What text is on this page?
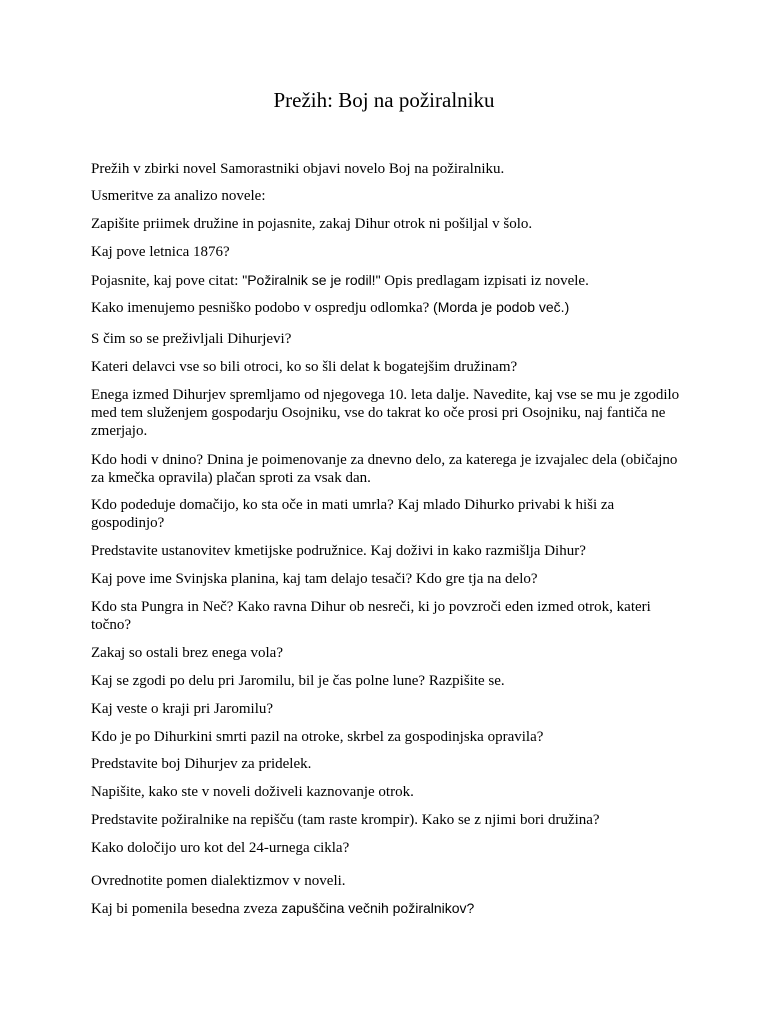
Prežih: Boj na požiralniku

Prežih v zbirki novel Samorastniki objavi novelo Boj na požiralniku.

Usmeritve za analizo novele:

Zapišite priimek družine in pojasnite, zakaj Dihur otrok ni pošiljal v šolo.

Kaj pove letnica 1876?

Pojasnite, kaj pove citat: "Požiralnik se je rodil!" Opis predlagam izpisati iz novele.

Kako imenujemo pesniško podobo v ospredju odlomka? (Morda je podob več.)

S čim so se preživljali Dihurjevi?

Kateri delavci vse so bili otroci, ko so šli delat k bogatejšim družinam?

Enega izmed Dihurjev spremljamo od njegovega 10. leta dalje. Navedite, kaj vse se mu je zgodilo med tem služenjem gospodarju Osojniku, vse do takrat ko oče prosi pri Osojniku, naj fantiča ne zmerjajo.

Kdo hodi v dnino? Dnina je poimenovanje za dnevno delo, za katerega je izvajalec dela (običajno za kmečka opravila) plačan sproti za vsak dan.

Kdo podeduje domačijo, ko sta oče in mati umrla? Kaj mlado Dihurko privabi k hiši za gospodinjo?

Predstavite ustanovitev kmetijske podružnice. Kaj doživi in kako razmišlja Dihur?

Kaj pove ime Svinjska planina, kaj tam delajo tesači? Kdo gre tja na delo?

Kdo sta Pungra in Neč? Kako ravna Dihur ob nesreči, ki jo povzroči eden izmed otrok, kateri točno?

Zakaj so ostali brez enega vola?

Kaj se zgodi po delu pri Jaromilu, bil je čas polne lune? Razpišite se.

Kaj veste o kraji pri Jaromilu?

Kdo je po Dihurkini smrti pazil na otroke, skrbel za gospodinjska opravila?

Predstavite boj Dihurjev za pridelek.

Napišite, kako ste v noveli doživeli kaznovanje otrok.

Predstavite požiralnike na repišču (tam raste krompir). Kako se z njimi bori družina?

Kako določijo uro kot del 24-urnega cikla?

Ovrednotite pomen dialektizmov v noveli.

Kaj bi pomenila besedna zveza zapuščina večnih požiralnikov?
